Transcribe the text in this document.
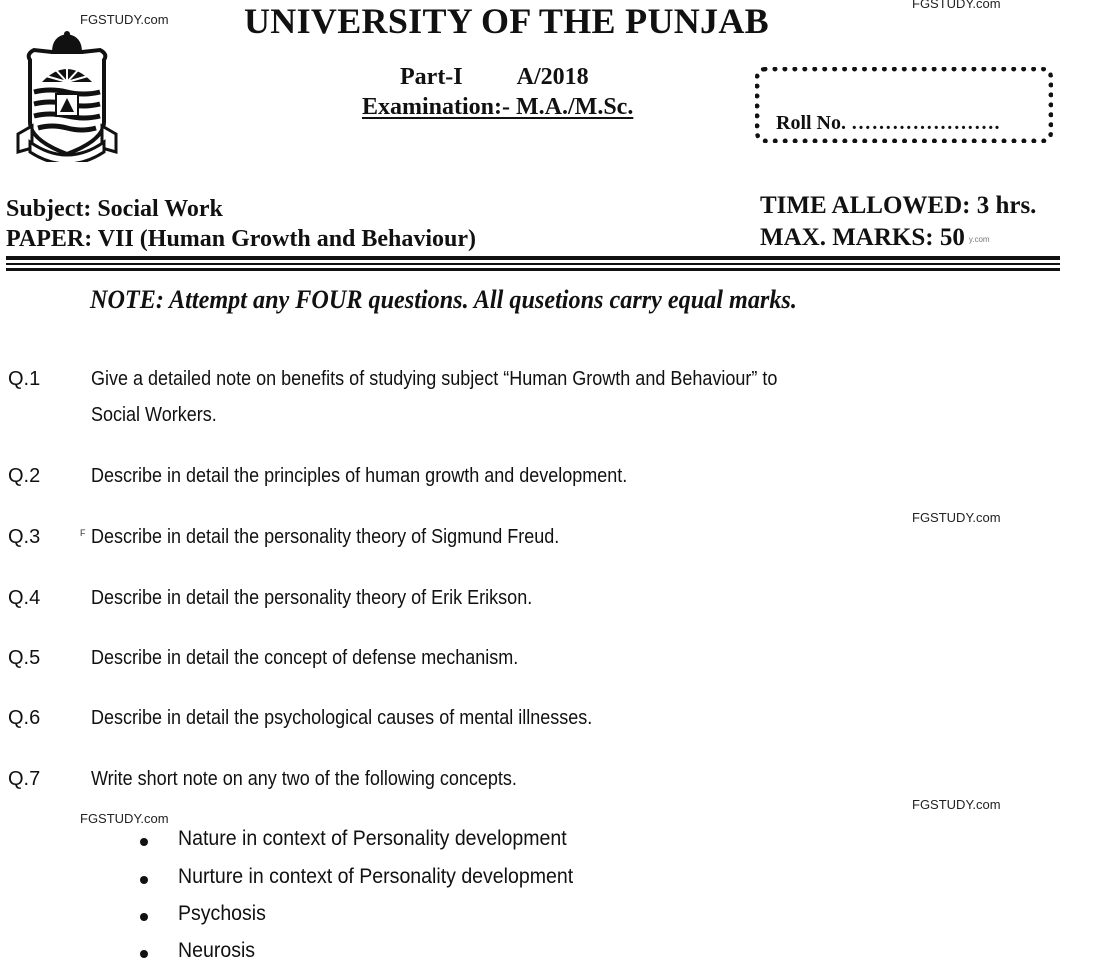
FGSTUDY.com
FGSTUDY.com
FGSTUDY.com
FGSTUDY.com
FGSTUDY.com
UNIVERSITY OF THE PUNJAB
Part-I A/2018
Examination:- M.A./M.Sc.
Roll No. ………………….
Subject: Social Work
PAPER: VII (Human Growth and Behaviour)
TIME ALLOWED: 3 hrs.
MAX. MARKS: 50 y.com
NOTE: Attempt any FOUR questions. All qusetions carry equal marks.
Q.1	Give a detailed note on benefits of studying subject “Human Growth and Behaviour” to
Social Workers.
Q.2	Describe in detail the principles of human growth and development.
Q.3	F Describe in detail the personality theory of Sigmund Freud.
Q.4	Describe in detail the personality theory of Erik Erikson.
Q.5	Describe in detail the concept of defense mechanism.
Q.6	Describe in detail the psychological causes of mental illnesses.
Q.7	Write short note on any two of the following concepts.
Nature in context of Personality development
Nurture in context of Personality development
Psychosis
Neurosis
